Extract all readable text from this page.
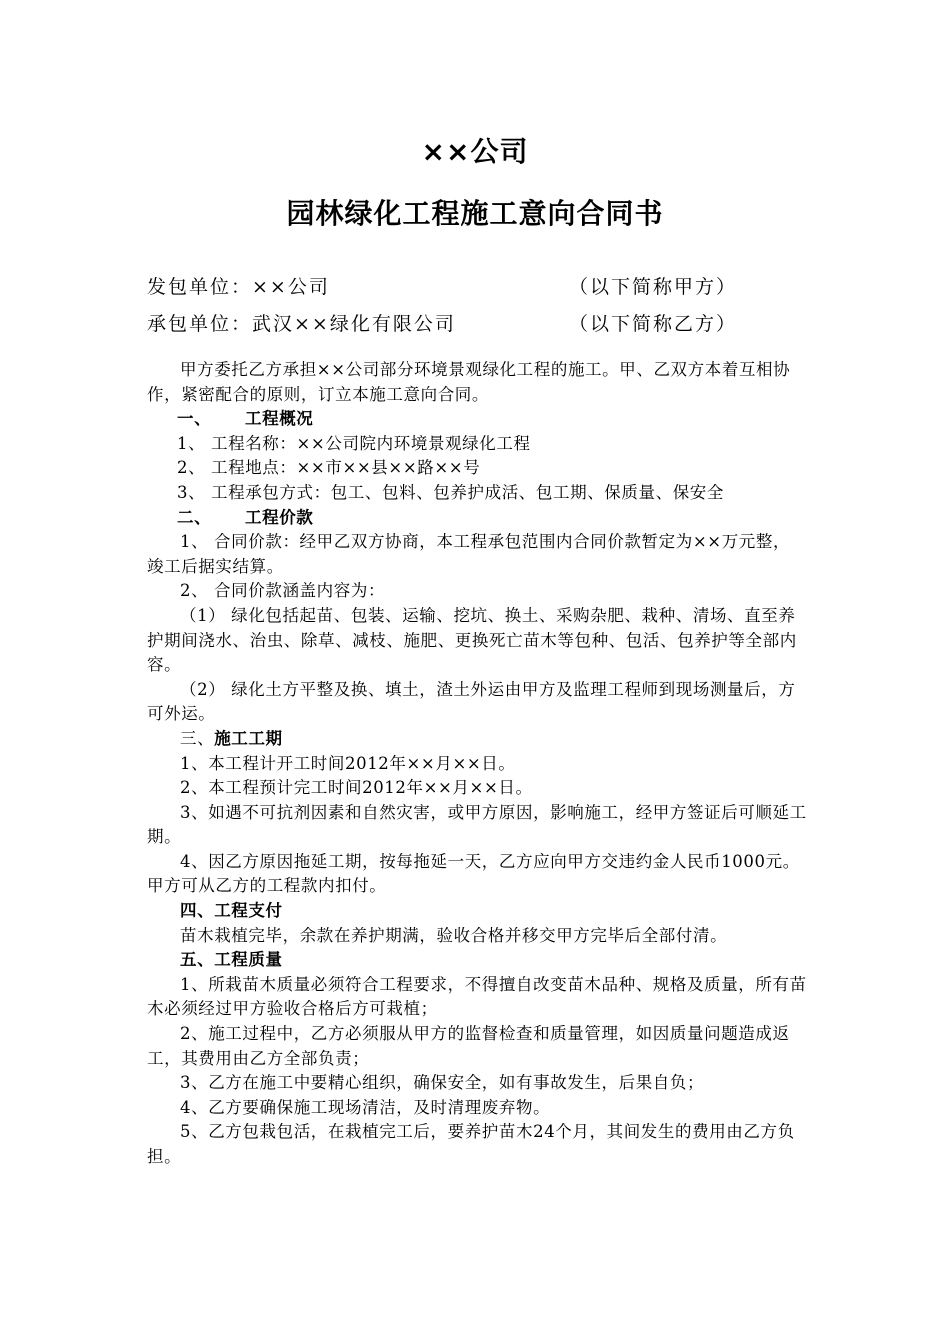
××公司
园林绿化工程施工意向合同书
发包单位：××公司	（以下简称甲方）
承包单位：武汉××绿化有限公司	（以下简称乙方）

甲方委托乙方承担××公司部分环境景观绿化工程的施工。甲、乙双方本着互相协作，紧密配合的原则，订立本施工意向合同。

一、 工程概况

1、 工程名称：××公司院内环境景观绿化工程

2、 工程地点：××市××县××路××号

3、 工程承包方式：包工、包料、包养护成活、包工期、保质量、保安全

二、 工程价款

1、 合同价款：经甲乙双方协商，本工程承包范围内合同价款暂定为××万元整，竣工后据实结算。

2、 合同价款涵盖内容为：

（1） 绿化包括起苗、包装、运输、挖坑、换土、采购杂肥、栽种、清场、直至养护期间浇水、治虫、除草、减枝、施肥、更换死亡苗木等包种、包活、包养护等全部内容。

（2） 绿化土方平整及换、填土，渣土外运由甲方及监理工程师到现场测量后，方可外运。

三、施工工期

1、本工程计开工时间2012年××月××日。

2、本工程预计完工时间2012年××月××日。

3、如遇不可抗剂因素和自然灾害，或甲方原因，影响施工，经甲方签证后可顺延工期。

4、因乙方原因拖延工期，按每拖延一天，乙方应向甲方交违约金人民币1000元。甲方可从乙方的工程款内扣付。

四、工程支付

苗木栽植完毕，余款在养护期满，验收合格并移交甲方完毕后全部付清。

五、工程质量

1、所栽苗木质量必须符合工程要求，不得擅自改变苗木品种、规格及质量，所有苗木必须经过甲方验收合格后方可栽植；

2、施工过程中，乙方必须服从甲方的监督检查和质量管理，如因质量问题造成返工，其费用由乙方全部负责；

3、乙方在施工中要精心组织，确保安全，如有事故发生，后果自负；

4、乙方要确保施工现场清洁，及时清理废弃物。

5、乙方包栽包活，在栽植完工后，要养护苗木24个月，其间发生的费用由乙方负担。
